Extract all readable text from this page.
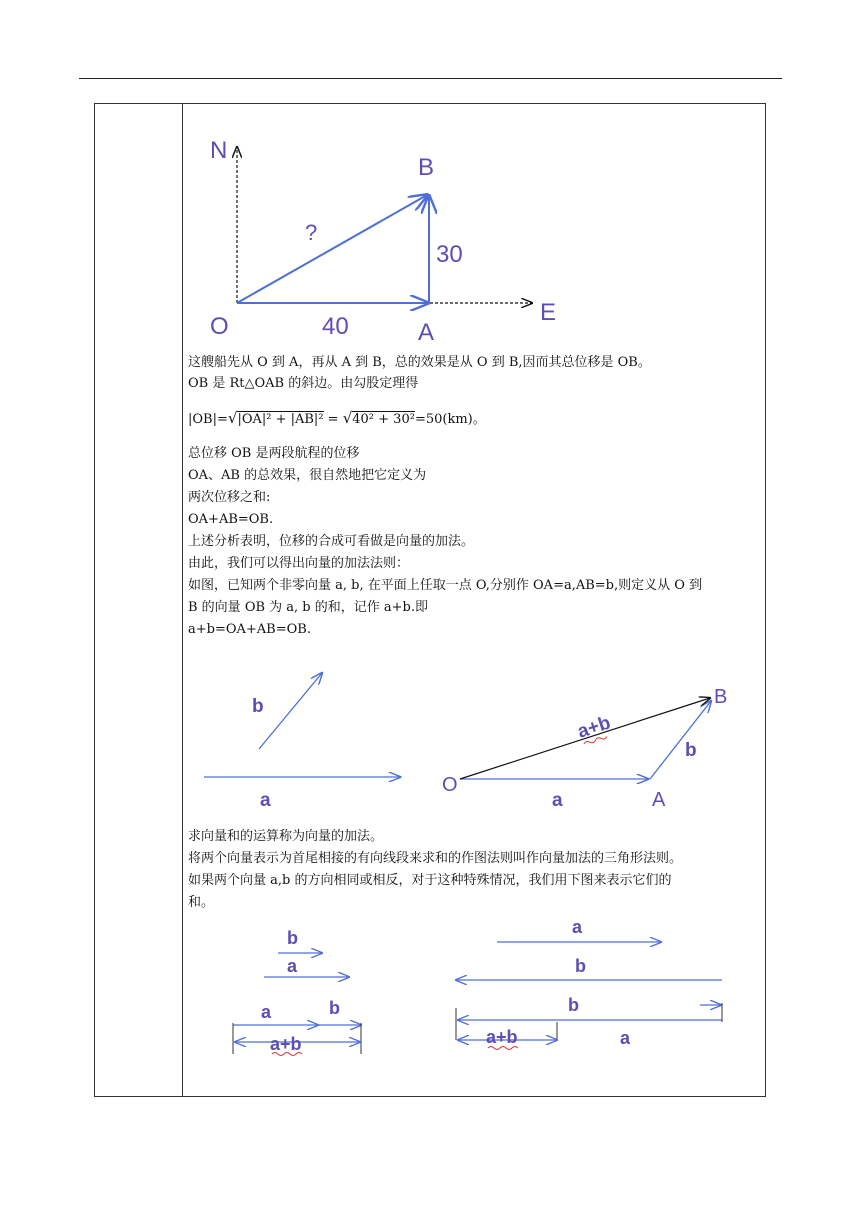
N
B
?
30
O	40	A
E
这艘船先从 O 到 A，再从 A 到 B，总的效果是从 O 到 B,因而其总位移是 OB。
OB 是 Rt△OAB 的斜边。由勾股定理得
|OB|=√|OA|² + |AB|² = √40² + 30²=50(km)。
总位移 OB 是两段航程的位移
OA、AB 的总效果，很自然地把它定义为
两次位移之和:
OA+AB=OB.
上述分析表明，位移的合成可看做是向量的加法。
由此，我们可以得出向量的加法法则：
如图，已知两个非零向量 a, b, 在平面上任取一点 O,分别作 OA=a,AB=b,则定义从 O 到
B 的向量 OB 为 a, b 的和，记作 a+b.即
a+b=OA+AB=OB.
b
a
O
a+b
B
b
a	A
求向量和的运算称为向量的加法。
将两个向量表示为首尾相接的有向线段来求和的作图法则叫作向量加法的三角形法则。
如果两个向量 a,b 的方向相同或相反，对于这种特殊情况，我们用下图来表示它们的
和。
b
a
a	b
a+b
a
b
b
a+b	a
